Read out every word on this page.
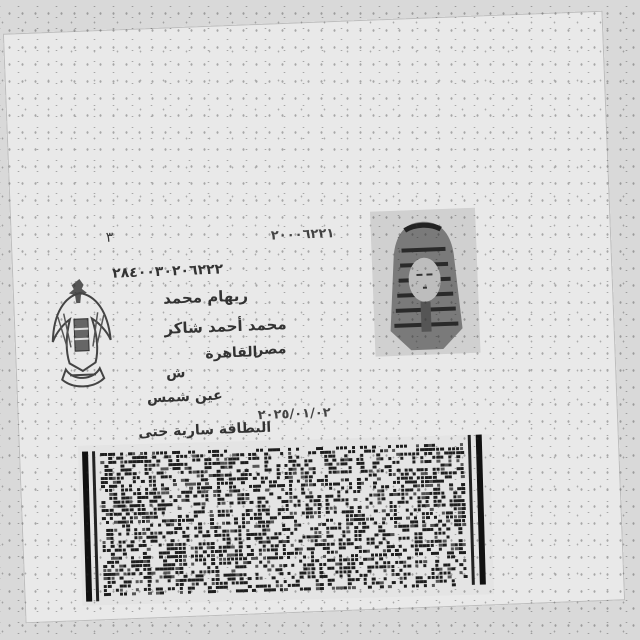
٣	٢٠٠٠٦٢٢١
٢٨٤٠٠٣٠٢٠٦٢٢٢
ريهام محمد
محمد أحمد شاكر
القاهرة
ش
مصر
عين شمس
٢٠٢٥/٠١/٠٢
البطاقة سارية حتى
